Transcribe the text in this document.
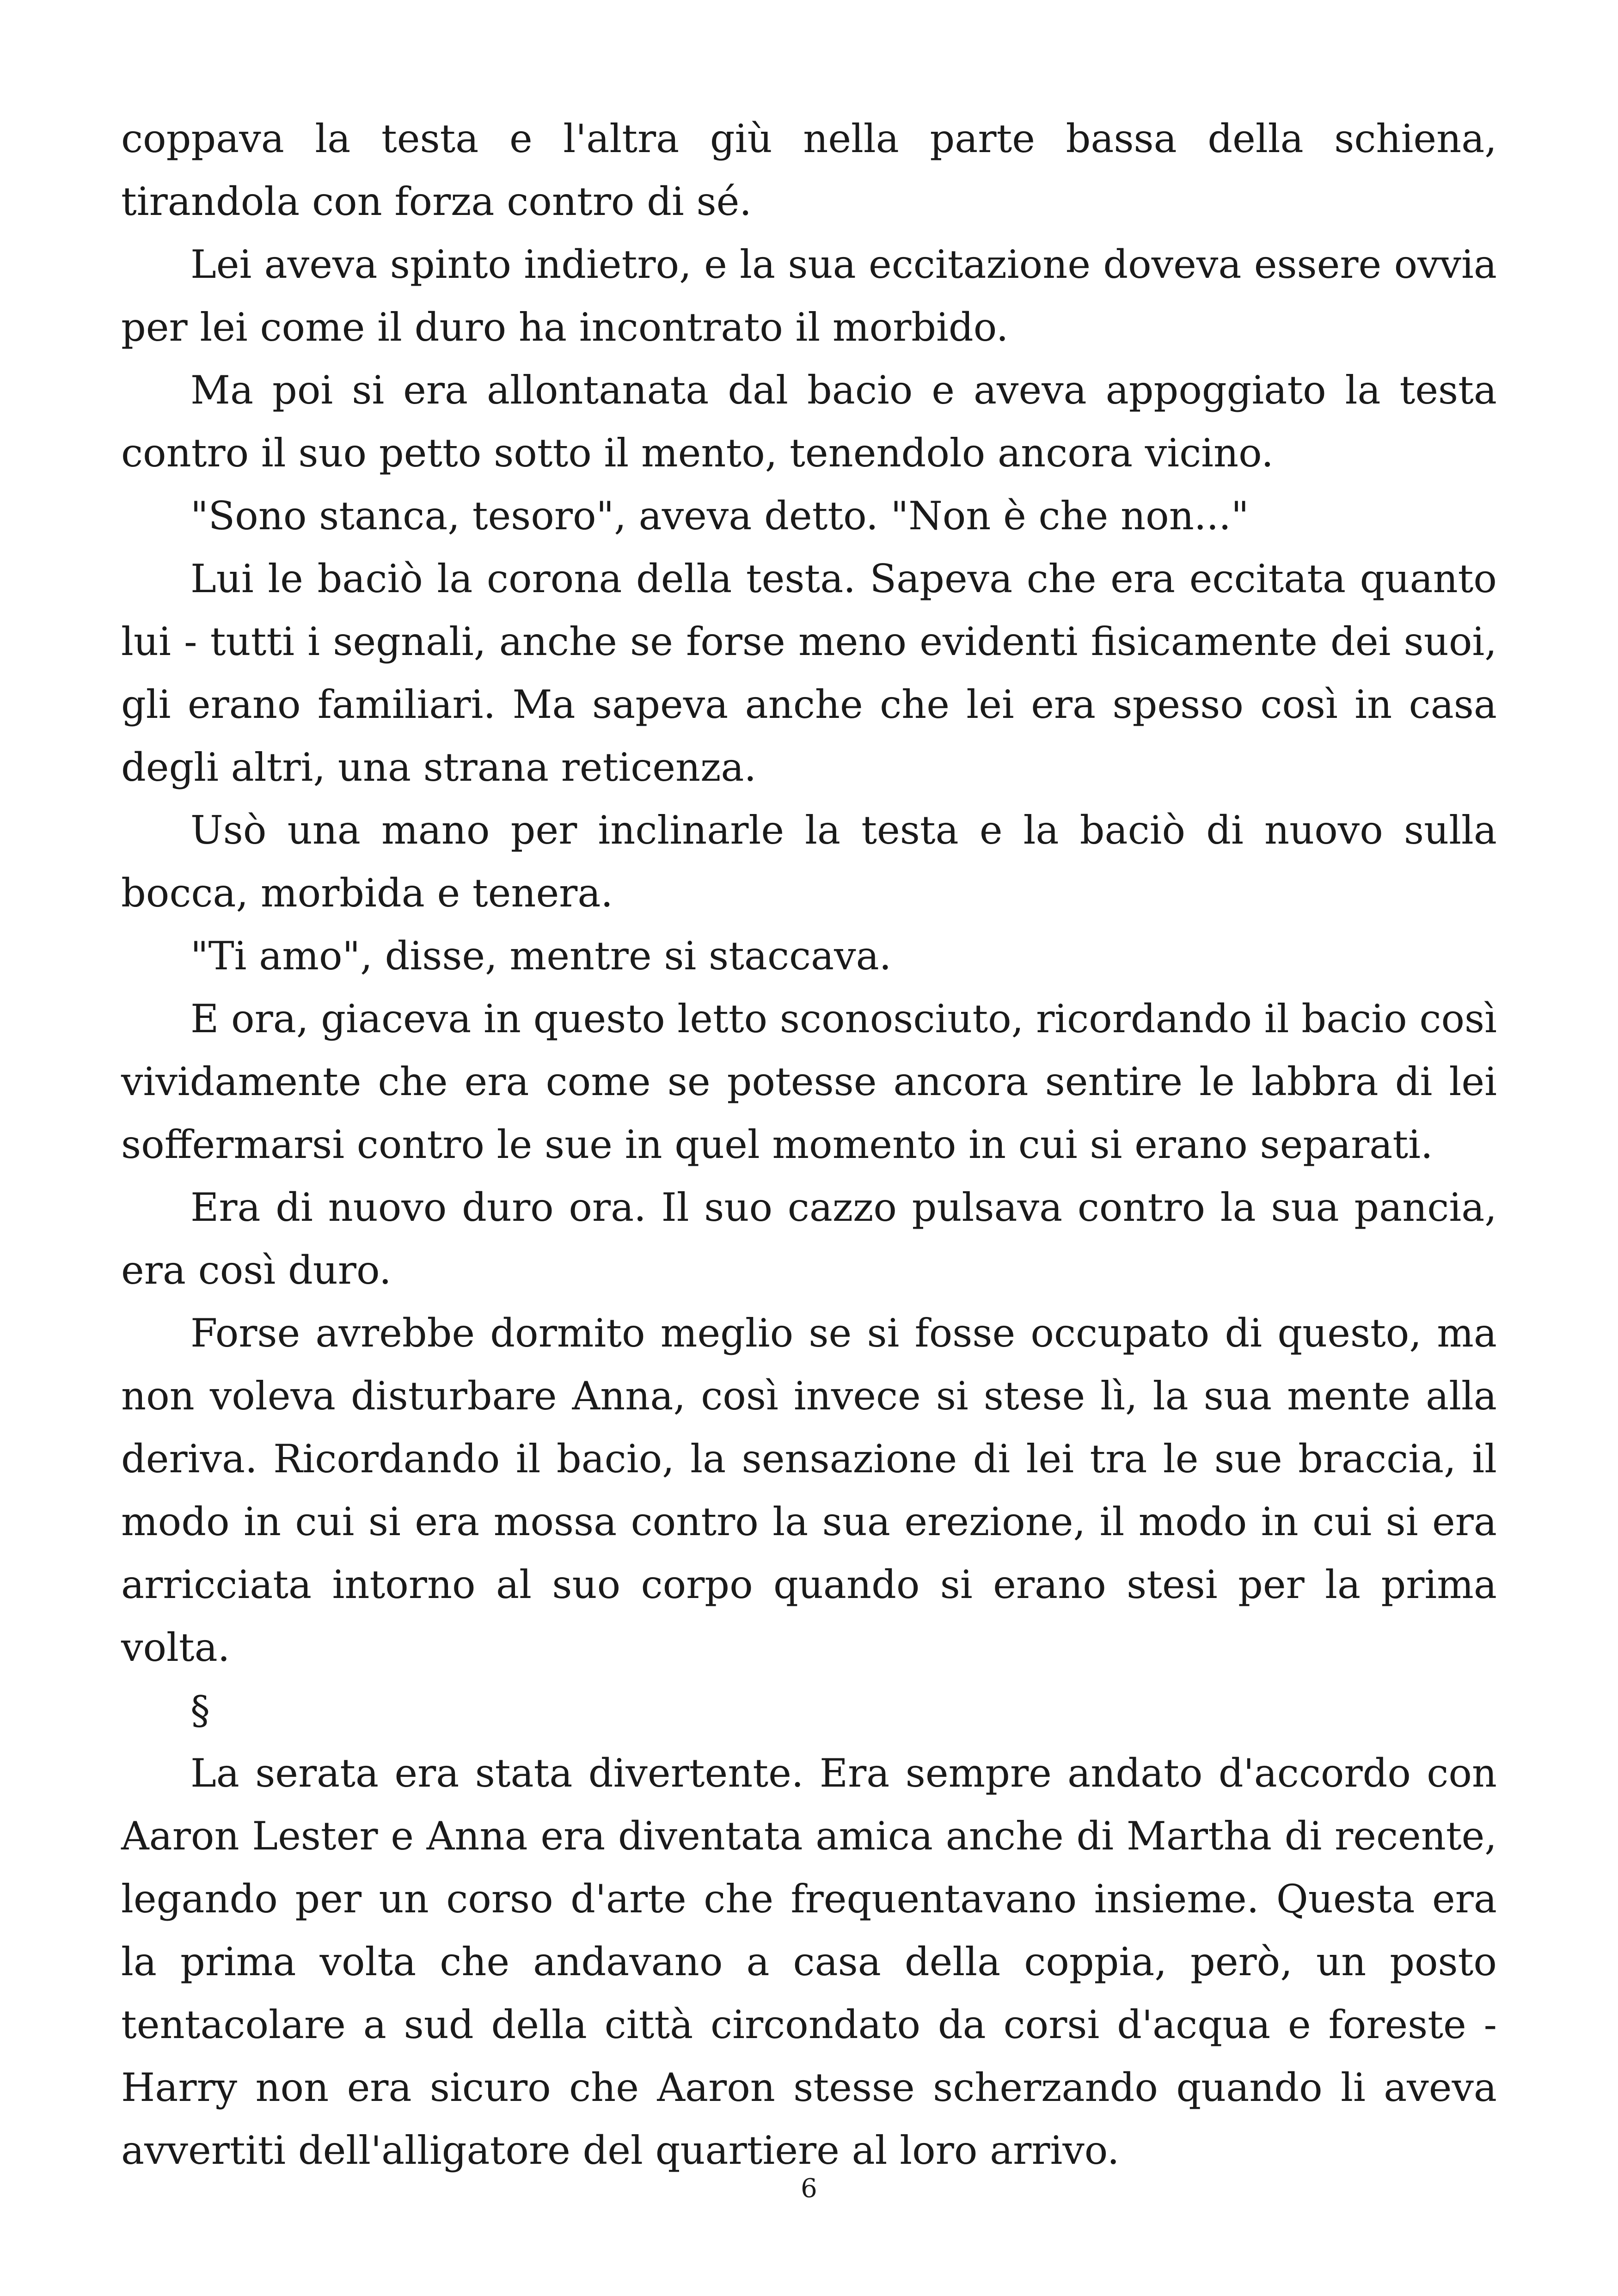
coppava la testa e l'altra giù nella parte bassa della schiena, tirandola con forza contro di sé.

Lei aveva spinto indietro, e la sua eccitazione doveva essere ovvia per lei come il duro ha incontrato il morbido.

Ma poi si era allontanata dal bacio e aveva appoggiato la testa contro il suo petto sotto il mento, tenendolo ancora vicino.

"Sono stanca, tesoro", aveva detto. "Non è che non..."

Lui le baciò la corona della testa. Sapeva che era eccitata quanto lui - tutti i segnali, anche se forse meno evidenti fisicamente dei suoi, gli erano familiari. Ma sapeva anche che lei era spesso così in casa degli altri, una strana reticenza.

Usò una mano per inclinarle la testa e la baciò di nuovo sulla bocca, morbida e tenera.

"Ti amo", disse, mentre si staccava.

E ora, giaceva in questo letto sconosciuto, ricordando il bacio così vividamente che era come se potesse ancora sentire le labbra di lei soffermarsi contro le sue in quel momento in cui si erano separati.

Era di nuovo duro ora. Il suo cazzo pulsava contro la sua pancia, era così duro.

Forse avrebbe dormito meglio se si fosse occupato di questo, ma non voleva disturbare Anna, così invece si stese lì, la sua mente alla deriva. Ricordando il bacio, la sensazione di lei tra le sue braccia, il modo in cui si era mossa contro la sua erezione, il modo in cui si era arricciata intorno al suo corpo quando si erano stesi per la prima volta.

§

La serata era stata divertente. Era sempre andato d'accordo con Aaron Lester e Anna era diventata amica anche di Martha di recente, legando per un corso d'arte che frequentavano insieme. Questa era la prima volta che andavano a casa della coppia, però, un posto tentacolare a sud della città circondato da corsi d'acqua e foreste - Harry non era sicuro che Aaron stesse scherzando quando li aveva avvertiti dell'alligatore del quartiere al loro arrivo.

6
